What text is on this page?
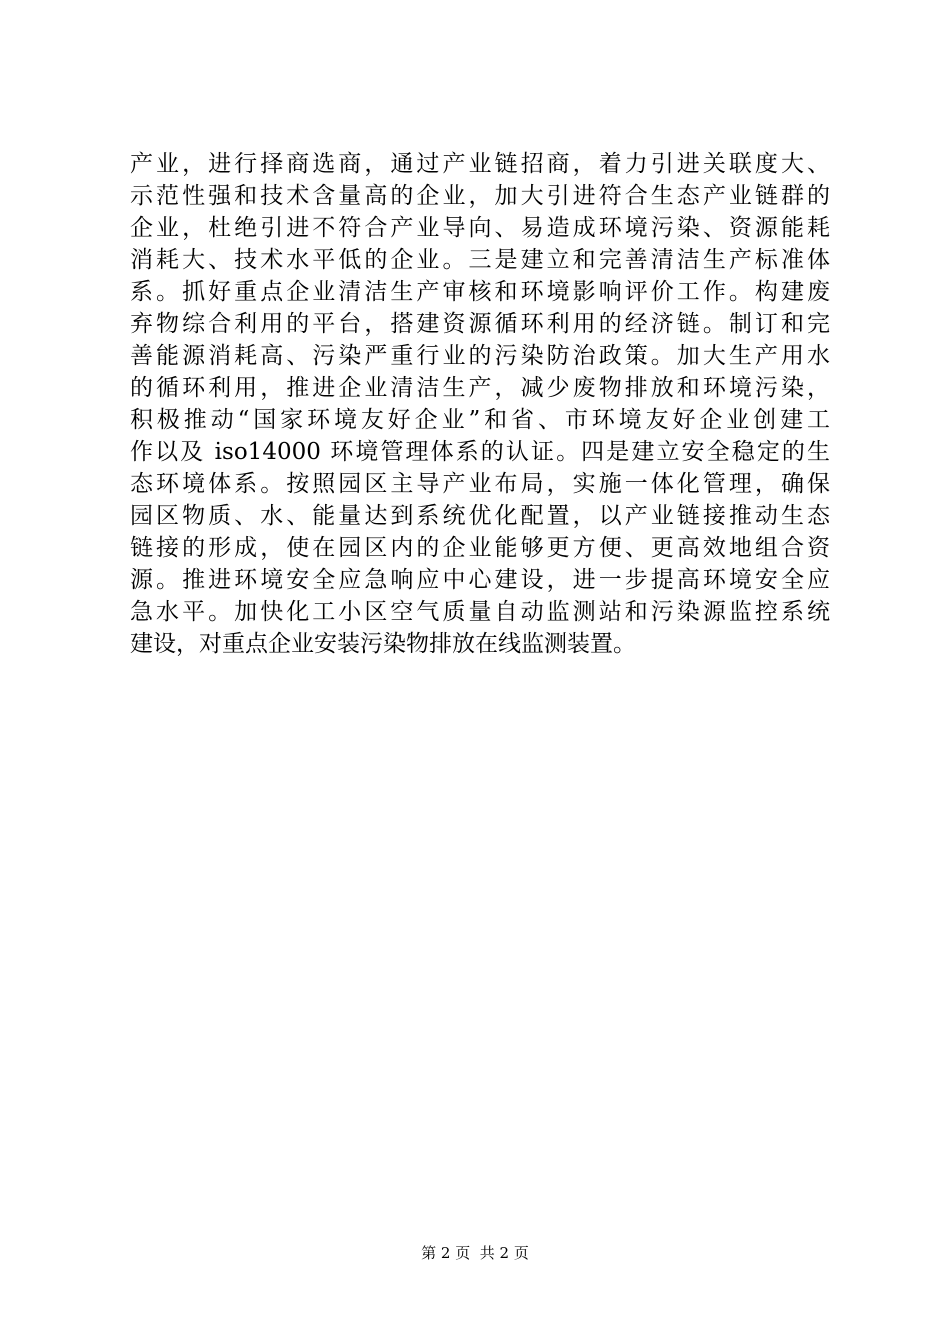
产业，进行择商选商，通过产业链招商，着力引进关联度大、
示范性强和技术含量高的企业，加大引进符合生态产业链群的
企业，杜绝引进不符合产业导向、易造成环境污染、资源能耗
消耗大、技术水平低的企业。三是建立和完善清洁生产标准体
系。抓好重点企业清洁生产审核和环境影响评价工作。构建废
弃物综合利用的平台，搭建资源循环利用的经济链。制订和完
善能源消耗高、污染严重行业的污染防治政策。加大生产用水
的循环利用，推进企业清洁生产，减少废物排放和环境污染，
积极推动“国家环境友好企业”和省、市环境友好企业创建工
作以及 iso14000 环境管理体系的认证。四是建立安全稳定的生
态环境体系。按照园区主导产业布局，实施一体化管理，确保
园区物质、水、能量达到系统优化配置，以产业链接推动生态
链接的形成，使在园区内的企业能够更方便、更高效地组合资
源。推进环境安全应急响应中心建设，进一步提高环境安全应
急水平。加快化工小区空气质量自动监测站和污染源监控系统
建设，对重点企业安装污染物排放在线监测装置。
第 2 页  共 2 页
